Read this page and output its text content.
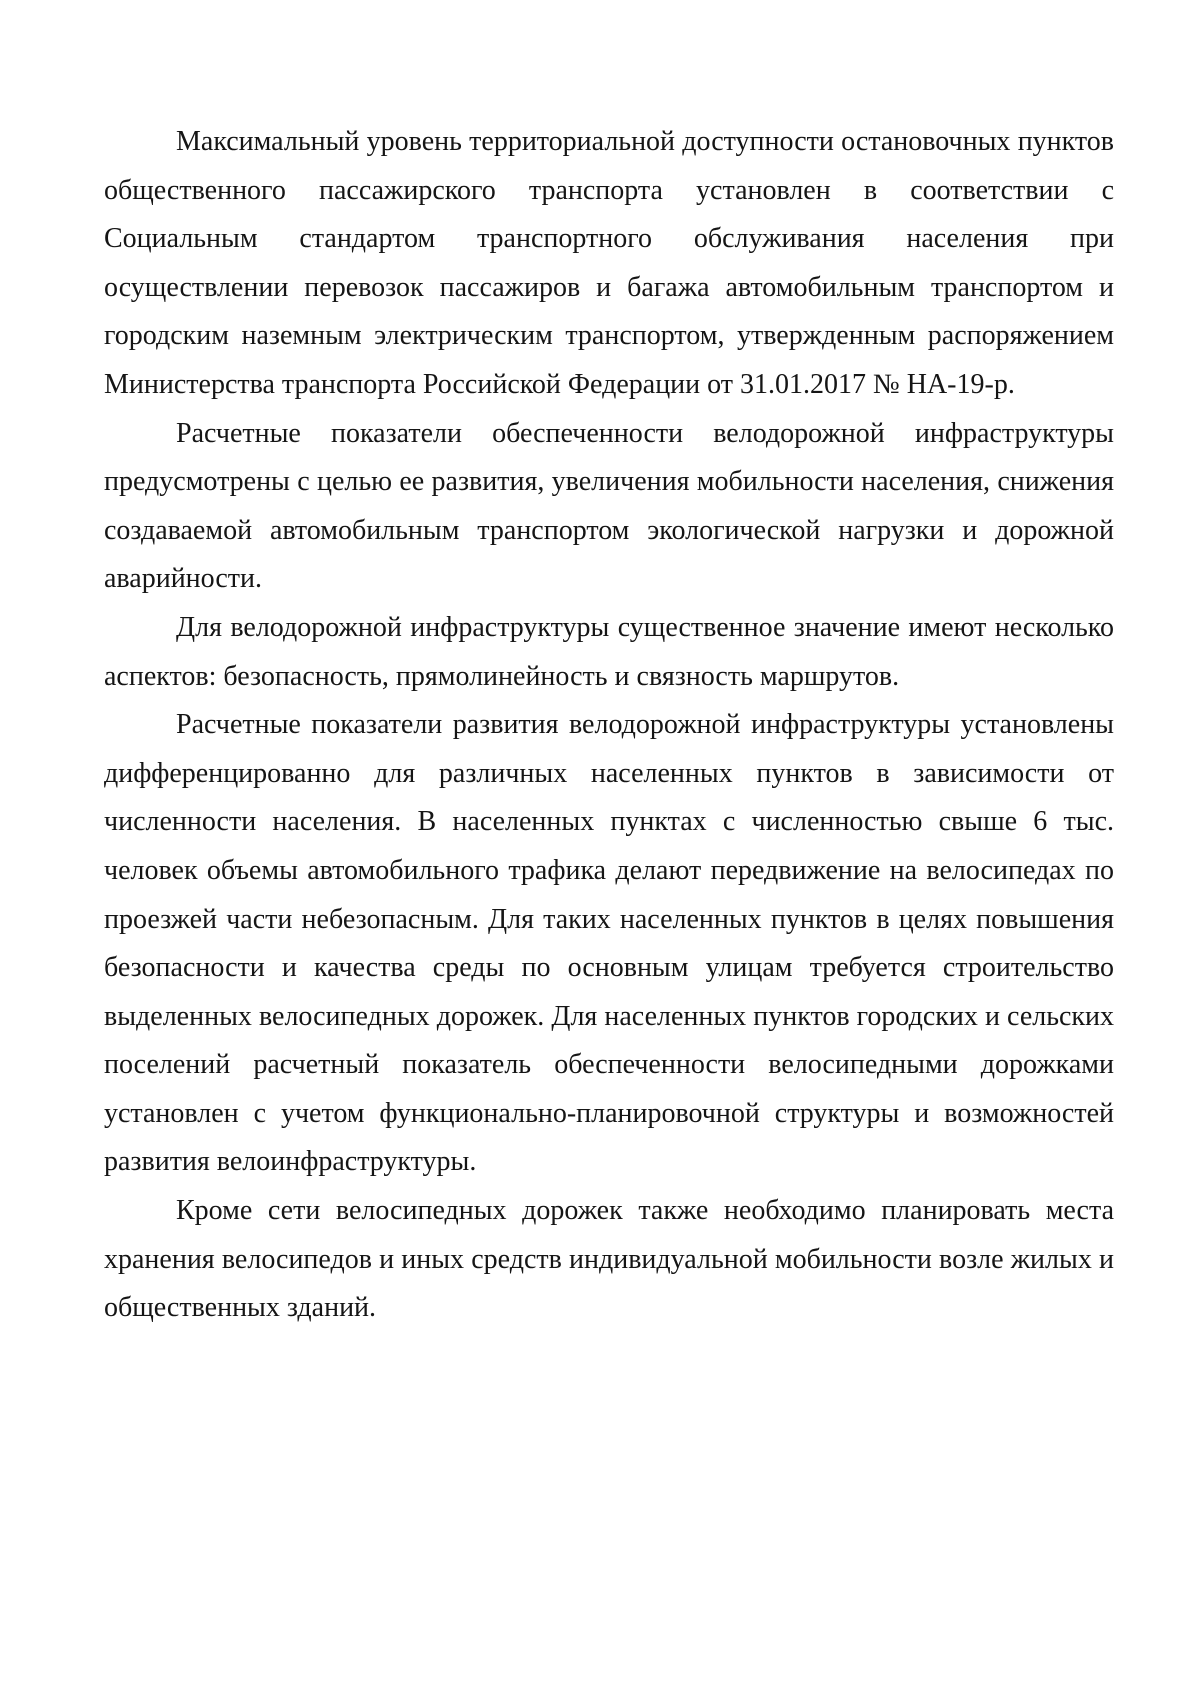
Максимальный уровень территориальной доступности остановочных пунктов общественного пассажирского транспорта установлен в соответствии с Социальным стандартом транспортного обслуживания населения при осуществлении перевозок пассажиров и багажа автомобильным транспортом и городским наземным электрическим транспортом, утвержденным распоряжением Министерства транспорта Российской Федерации от 31.01.2017 № НА-19-р.

Расчетные показатели обеспеченности велодорожной инфраструктуры предусмотрены с целью ее развития, увеличения мобильности населения, снижения создаваемой автомобильным транспортом экологической нагрузки и дорожной аварийности.

Для велодорожной инфраструктуры существенное значение имеют несколько аспектов: безопасность, прямолинейность и связность маршрутов.

Расчетные показатели развития велодорожной инфраструктуры установлены дифференцированно для различных населенных пунктов в зависимости от численности населения. В населенных пунктах с численностью свыше 6 тыс. человек объемы автомобильного трафика делают передвижение на велосипедах по проезжей части небезопасным. Для таких населенных пунктов в целях повышения безопасности и качества среды по основным улицам требуется строительство выделенных велосипедных дорожек. Для населенных пунктов городских и сельских поселений расчетный показатель обеспеченности велосипедными дорожками установлен с учетом функционально-планировочной структуры и возможностей развития велоинфраструктуры.

Кроме сети велосипедных дорожек также необходимо планировать места хранения велосипедов и иных средств индивидуальной мобильности возле жилых и общественных зданий.
